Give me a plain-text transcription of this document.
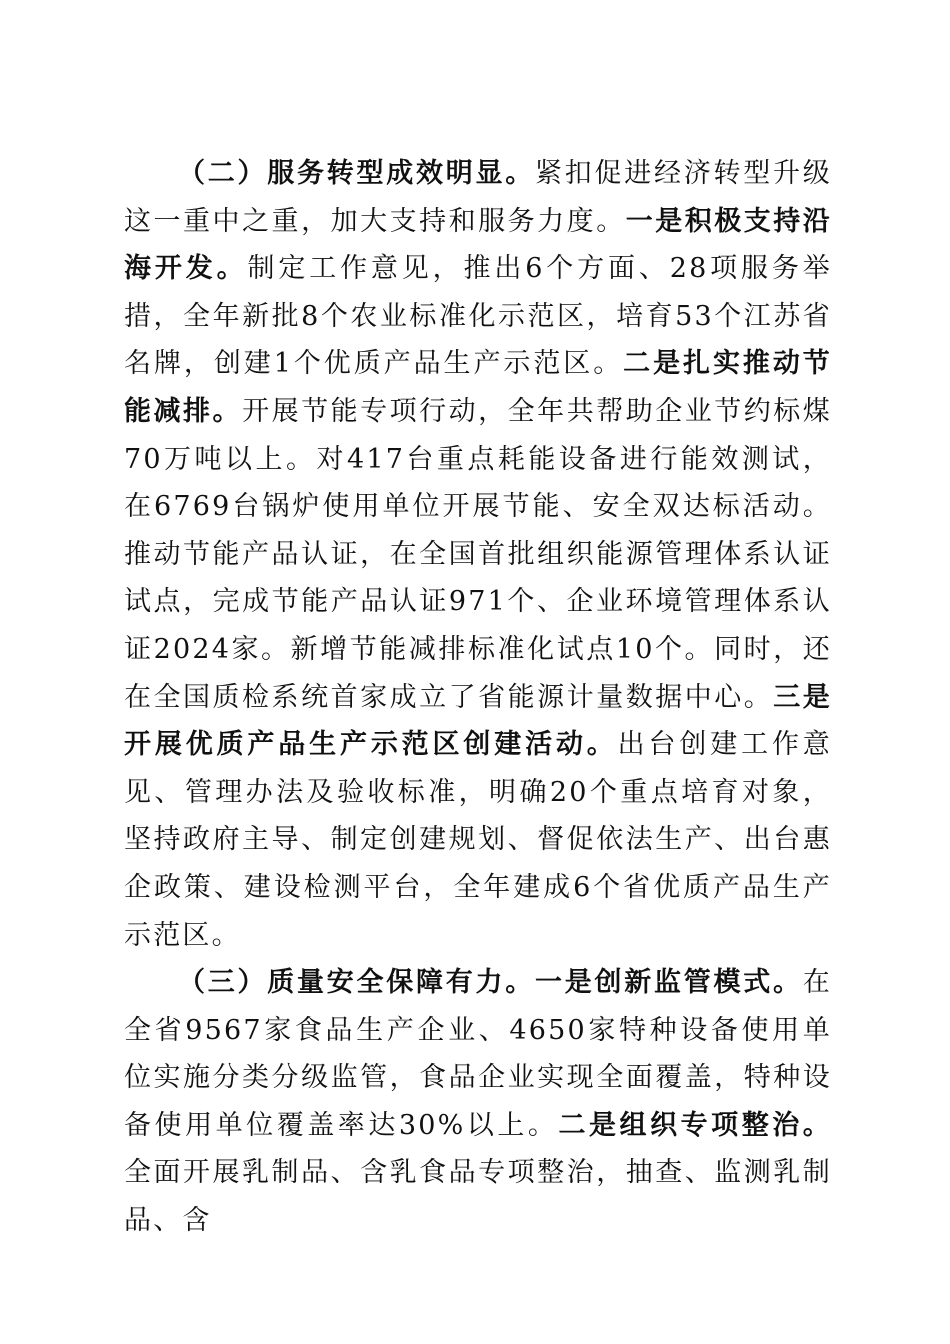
（二）服务转型成效明显。紧扣促进经济转型升级这一重中之重，加大支持和服务力度。一是积极支持沿海开发。制定工作意见，推出6个方面、28项服务举措，全年新批8个农业标准化示范区，培育53个江苏省名牌，创建1个优质产品生产示范区。二是扎实推动节能减排。开展节能专项行动，全年共帮助企业节约标煤70万吨以上。对417台重点耗能设备进行能效测试，在6769台锅炉使用单位开展节能、安全双达标活动。推动节能产品认证，在全国首批组织能源管理体系认证试点，完成节能产品认证971个、企业环境管理体系认证2024家。新增节能减排标准化试点10个。同时，还在全国质检系统首家成立了省能源计量数据中心。三是开展优质产品生产示范区创建活动。出台创建工作意见、管理办法及验收标准，明确20个重点培育对象，坚持政府主导、制定创建规划、督促依法生产、出台惠企政策、建设检测平台，全年建成6个省优质产品生产示范区。

（三）质量安全保障有力。一是创新监管模式。在全省9567家食品生产企业、4650家特种设备使用单位实施分类分级监管，食品企业实现全面覆盖，特种设备使用单位覆盖率达30%以上。二是组织专项整治。全面开展乳制品、含乳食品专项整治，抽查、监测乳制品、含
